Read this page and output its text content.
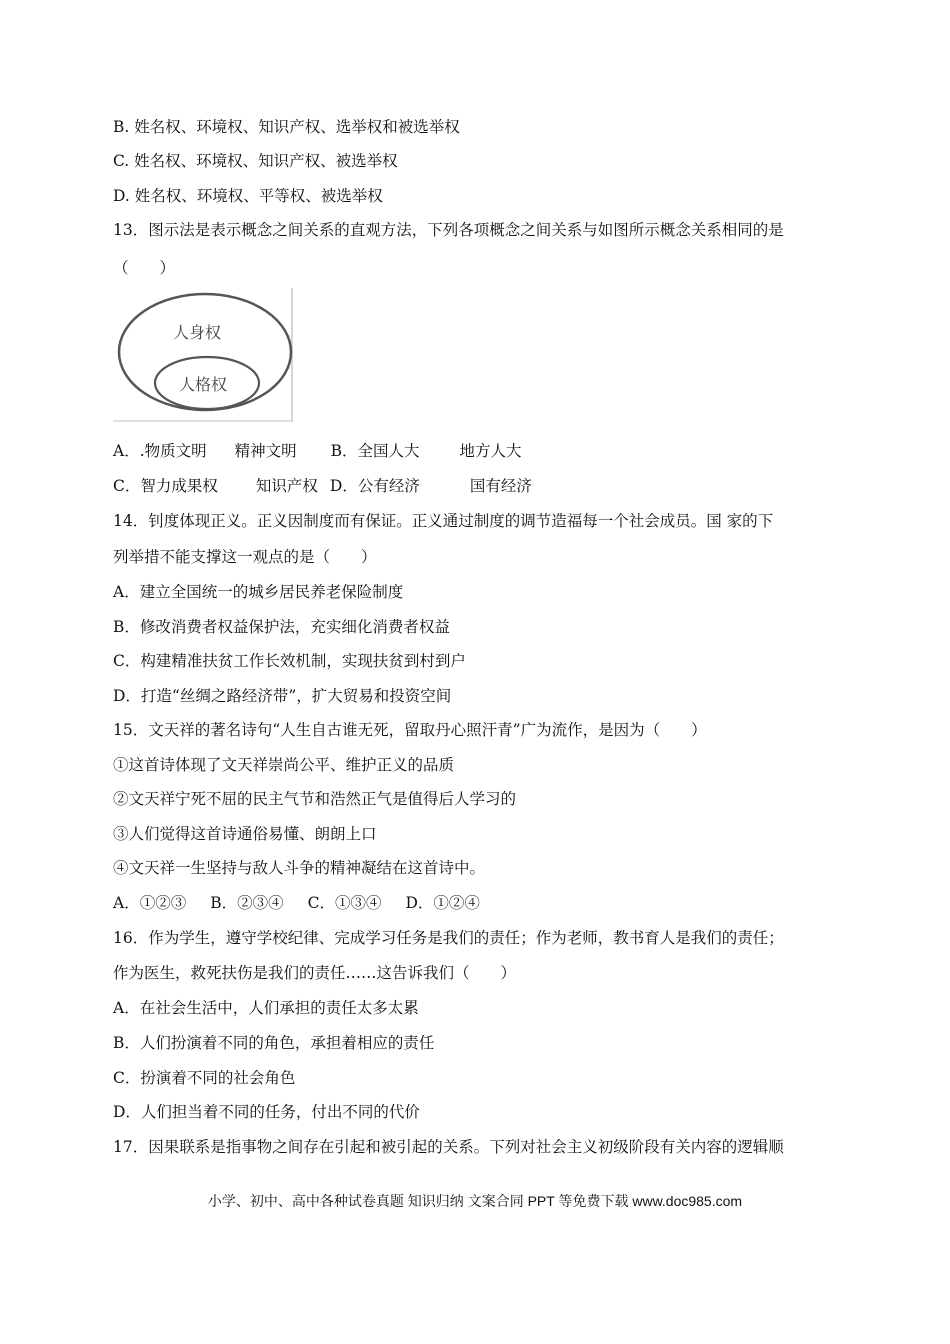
B. 姓名权、环境权、知识产权、选举权和被选举权
C. 姓名权、环境权、知识产权、被选举权
D. 姓名权、环境权、平等权、被选举权
13．图示法是表示概念之间关系的直观方法，下列各项概念之间关系与如图所示概念关系相同的是
（　　）
人身权
人格权
A．.物质文明 精神文明 B．全国人大	地方人大
C．智力成果权 知识产权 D．公有经济	国有经济
14．钊度体现正义。正义因制度而有保证。正义通过制度的调节造福每一个社会成员。国 家的下
列举措不能支撑这一观点的是（　　）
A．建立全国统一的城乡居民养老保险制度
B．修改消费者权益保护法，充实细化消费者权益
C．构建精准扶贫工作长效机制，实现扶贫到村到户
D．打造“丝绸之路经济带”，扩大贸易和投资空间
15．文天祥的著名诗句“人生自古谁无死，留取丹心照汗青”广为流作，是因为（　　）
①这首诗体现了文天祥崇尚公平、维护正义的品质
②文天祥宁死不屈的民主气节和浩然正气是值得后人学习的
③人们觉得这首诗通俗易懂、朗朗上口
④文天祥一生坚持与敌人斗争的精神凝结在这首诗中。
A．①②③ B．②③④ C．①③④ D．①②④
16．作为学生，遵守学校纪律、完成学习任务是我们的责任；作为老师，教书育人是我们的责任；
作为医生，救死扶伤是我们的责任……这告诉我们（　　）
A．在社会生活中，人们承担的责任太多太累
B．人们扮演着不同的角色，承担着相应的责任
C．扮演着不同的社会角色
D．人们担当着不同的任务，付出不同的代价
17．因果联系是指事物之间存在引起和被引起的关系。下列对社会主义初级阶段有关内容的逻辑顺
小学、初中、高中各种试卷真题 知识归纳 文案合同 PPT 等免费下载 www.doc985.com
